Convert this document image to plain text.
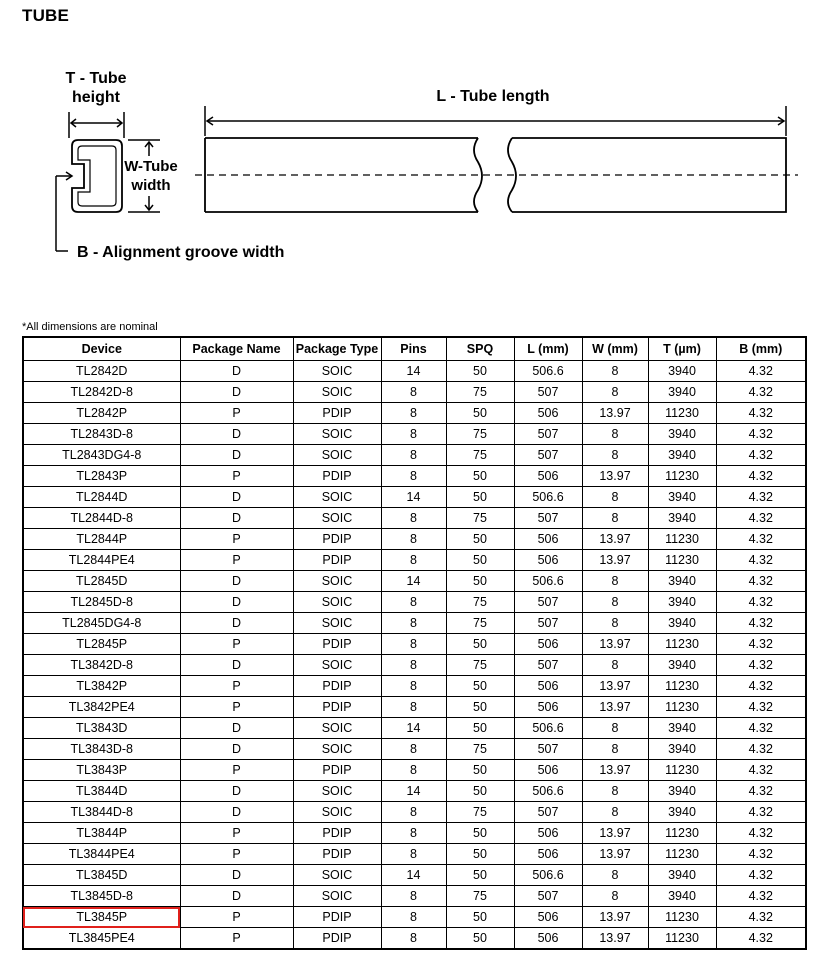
TUBE
T - Tube
height
W-Tube
width
B - Alignment groove width
L - Tube length
*All dimensions are nominal
Device	Package Name	Package Type	Pins	SPQ	L (mm)	W (mm)	T (µm)	B (mm)
TL2842D	D	SOIC	14	50	506.6	8	3940	4.32
TL2842D-8	D	SOIC	8	75	507	8	3940	4.32
TL2842P	P	PDIP	8	50	506	13.97	11230	4.32
TL2843D-8	D	SOIC	8	75	507	8	3940	4.32
TL2843DG4-8	D	SOIC	8	75	507	8	3940	4.32
TL2843P	P	PDIP	8	50	506	13.97	11230	4.32
TL2844D	D	SOIC	14	50	506.6	8	3940	4.32
TL2844D-8	D	SOIC	8	75	507	8	3940	4.32
TL2844P	P	PDIP	8	50	506	13.97	11230	4.32
TL2844PE4	P	PDIP	8	50	506	13.97	11230	4.32
TL2845D	D	SOIC	14	50	506.6	8	3940	4.32
TL2845D-8	D	SOIC	8	75	507	8	3940	4.32
TL2845DG4-8	D	SOIC	8	75	507	8	3940	4.32
TL2845P	P	PDIP	8	50	506	13.97	11230	4.32
TL3842D-8	D	SOIC	8	75	507	8	3940	4.32
TL3842P	P	PDIP	8	50	506	13.97	11230	4.32
TL3842PE4	P	PDIP	8	50	506	13.97	11230	4.32
TL3843D	D	SOIC	14	50	506.6	8	3940	4.32
TL3843D-8	D	SOIC	8	75	507	8	3940	4.32
TL3843P	P	PDIP	8	50	506	13.97	11230	4.32
TL3844D	D	SOIC	14	50	506.6	8	3940	4.32
TL3844D-8	D	SOIC	8	75	507	8	3940	4.32
TL3844P	P	PDIP	8	50	506	13.97	11230	4.32
TL3844PE4	P	PDIP	8	50	506	13.97	11230	4.32
TL3845D	D	SOIC	14	50	506.6	8	3940	4.32
TL3845D-8	D	SOIC	8	75	507	8	3940	4.32
TL3845P	P	PDIP	8	50	506	13.97	11230	4.32
TL3845PE4	P	PDIP	8	50	506	13.97	11230	4.32
